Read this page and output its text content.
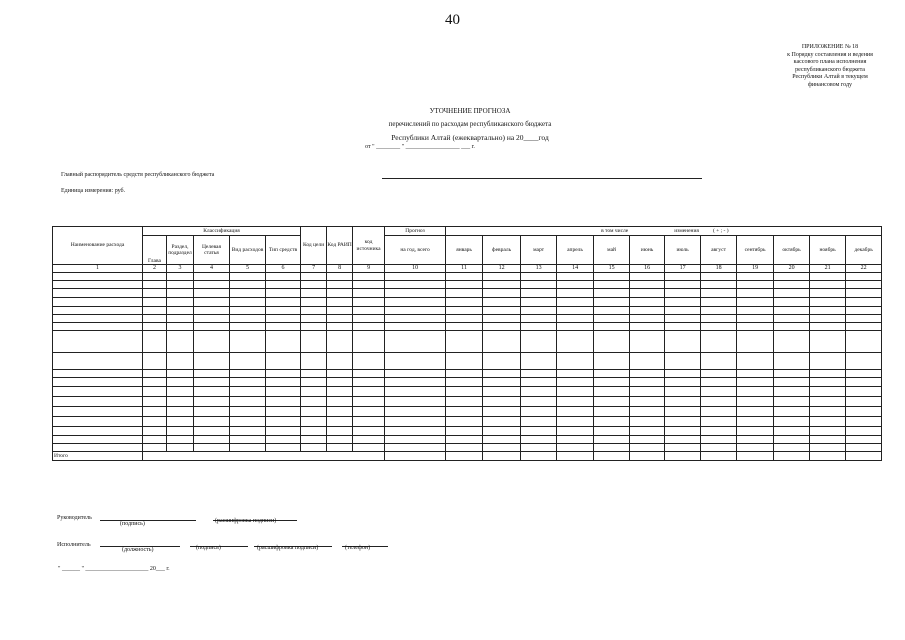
40
ПРИЛОЖЕНИЕ № 18
к Порядку составления и ведения
кассового плана исполнения
республиканского бюджета
Республики Алтай в текущем
финансовом году
УТОЧНЕНИЕ ПРОГНОЗА
перечислений по расходам республиканского бюджета
Республики Алтай (ежеквартально) на 20____год
от " ________ " __________________ ___ г.
Главный распорядитель средств республиканского бюджета
Единица измерения: руб.
Наименование расхода	Классификация					Код цели	Код РАИП	код источника	Прогноз	в том числе изменения ( + ; - )											
	Глава	Раздел, подраздел	Целевая статья	Вид расходов	Тип средств				на год, всего	январь	февраль	март	апрель	май	июнь	июль	август	сентябрь	октябрь	ноябрь	декабрь
1	2	3	4	5	6	7	8	9	10	11	12	13	14	15	16	17	18	19	20	21	22

Итого																					
Руководитель
(подпись)	(расшифровка подписи)
Исполнитель
(должность)	(подпись)	(расшифровка подписи)	(телефон)
" ______ " _____________________ 20___ г.
